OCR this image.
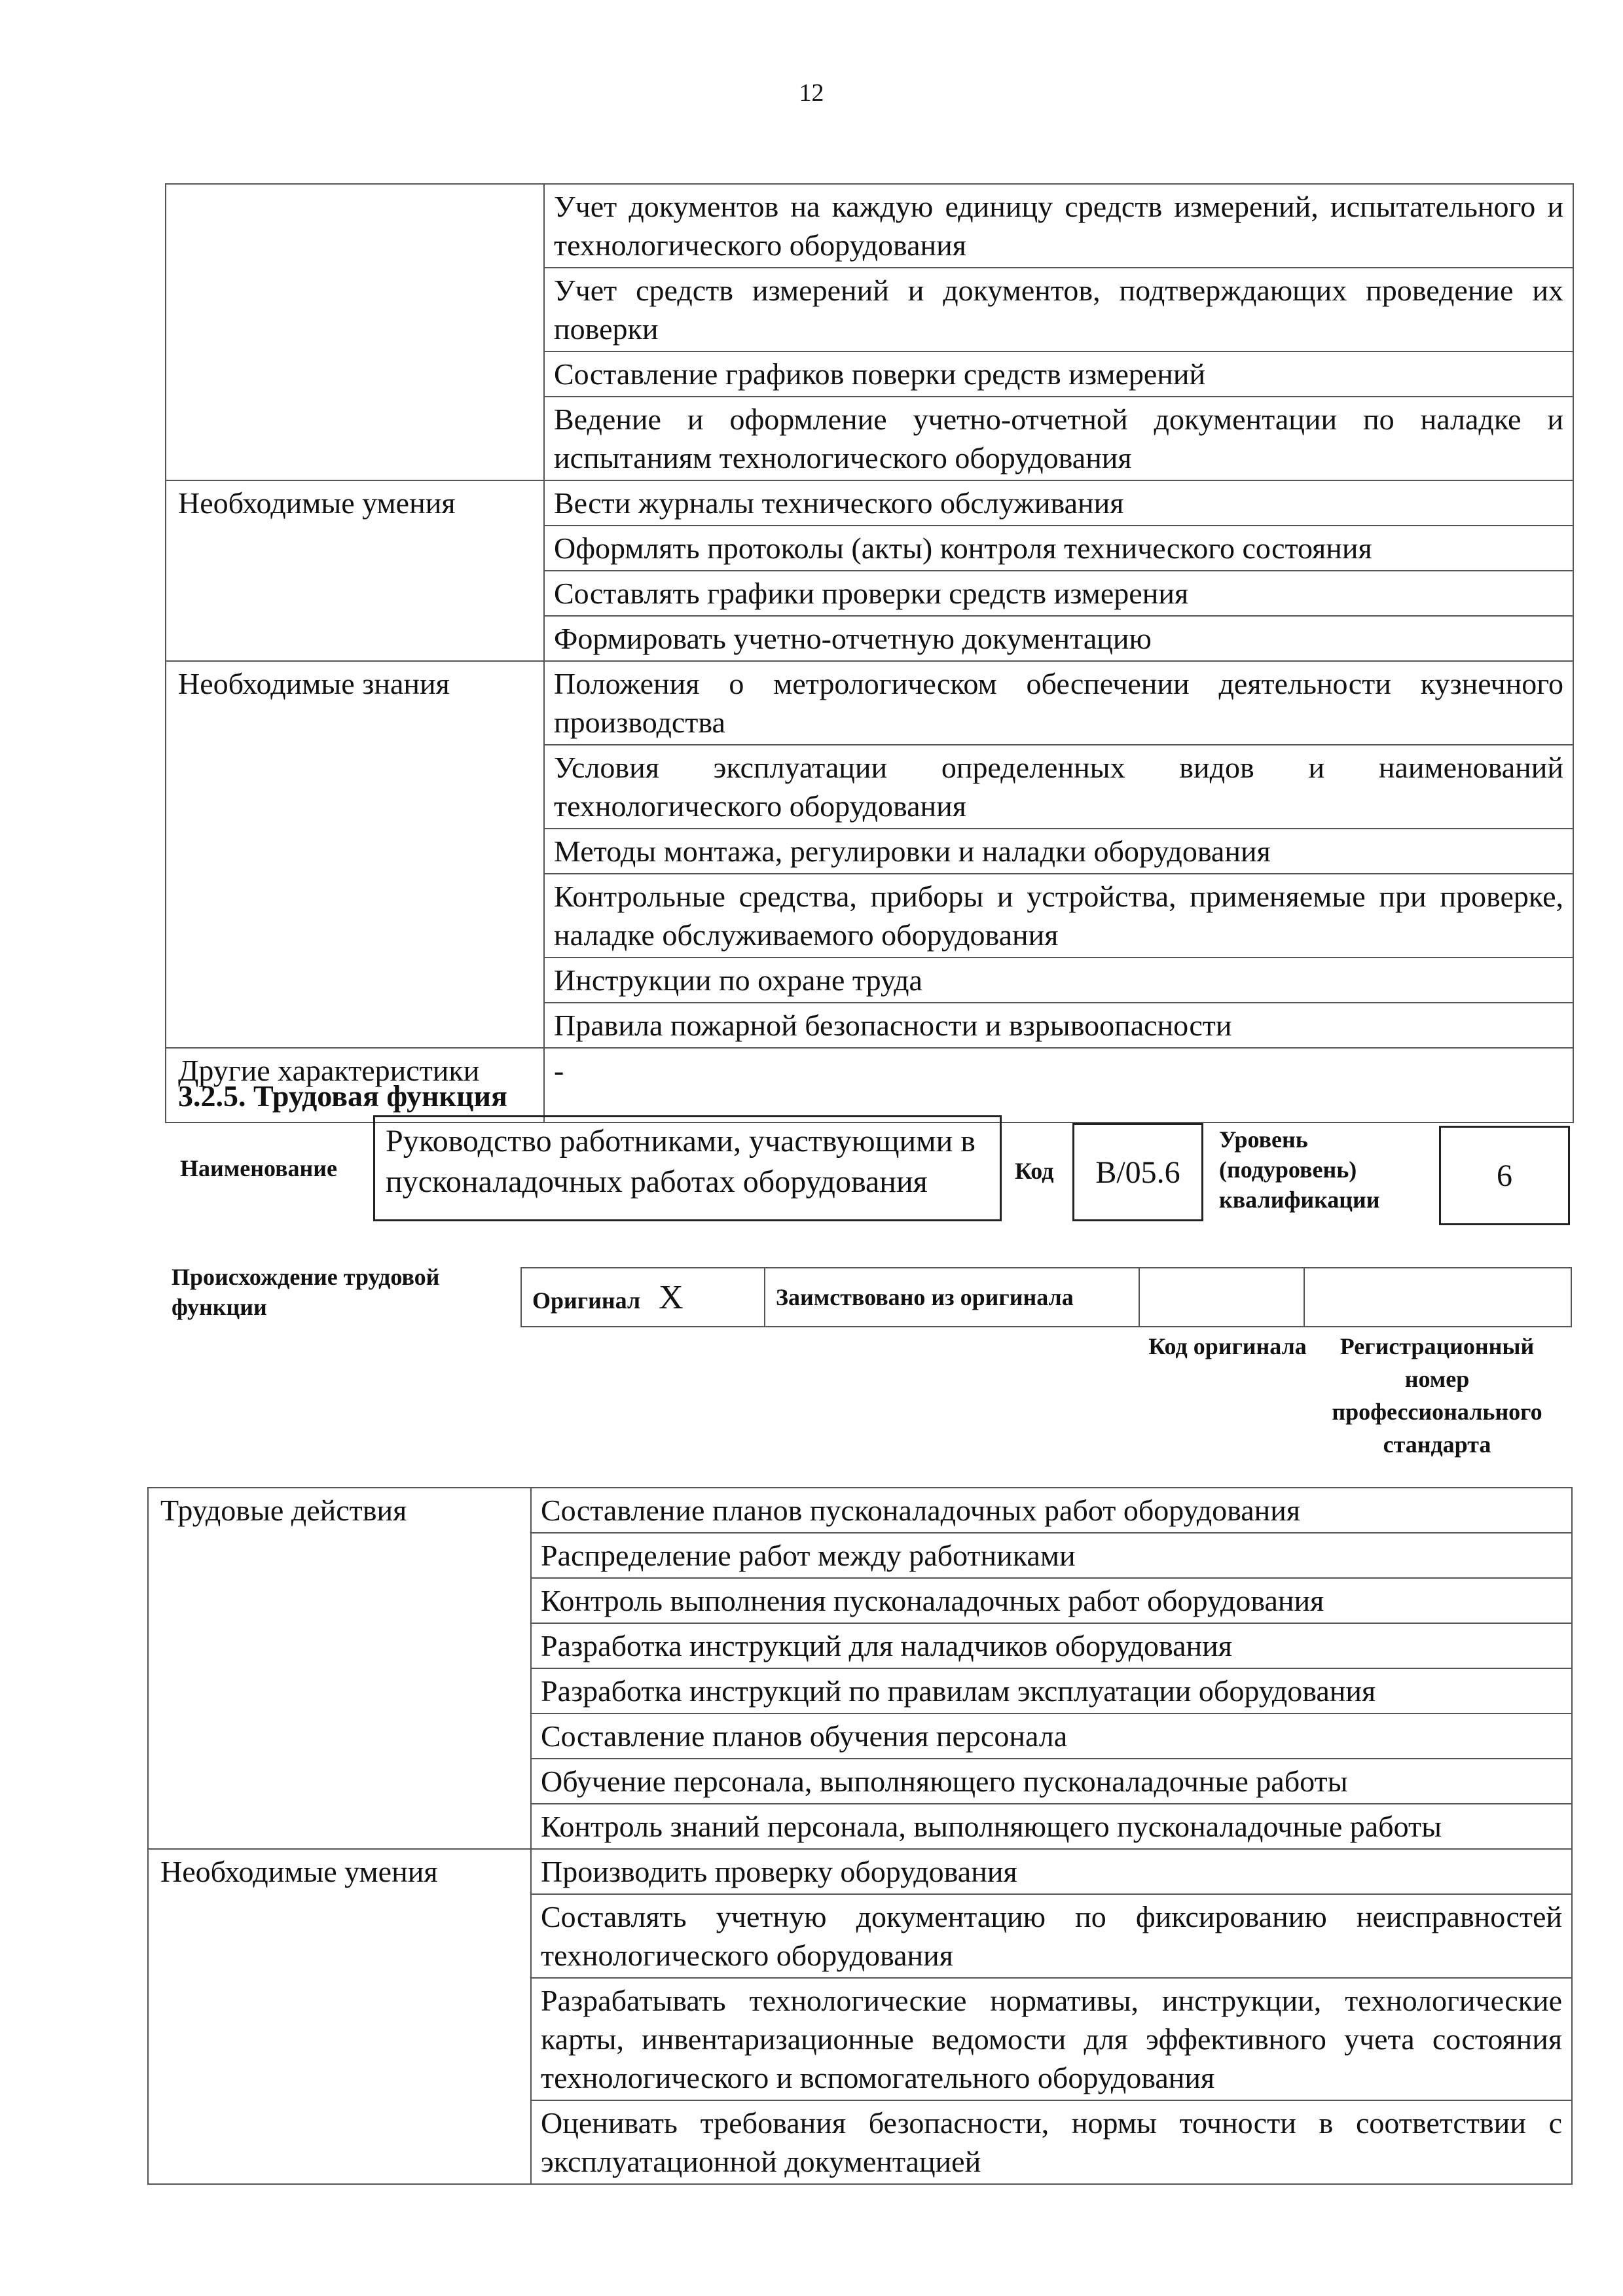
12

	Учет документов на каждую единицу средств измерений, испытательного и технологического оборудования

	Учет средств измерений и документов, подтверждающих проведение их поверки

	Составление графиков поверки средств измерений

	Ведение и оформление учетно-отчетной документации по наладке и испытаниям технологического оборудования

Необходимые умения	Вести журналы технического обслуживания

	Оформлять протоколы (акты) контроля технического состояния

	Составлять графики проверки средств измерения

	Формировать учетно-отчетную документацию

Необходимые знания	Положения о метрологическом обеспечении деятельности кузнечного производства

	Условия эксплуатации определенных видов и наименований технологического оборудования

	Методы монтажа, регулировки и наладки оборудования

	Контрольные средства, приборы и устройства, применяемые при проверке, наладке обслуживаемого оборудования

	Инструкции по охране труда

	Правила пожарной безопасности и взрывоопасности

Другие характеристики	-
3.2.5. Трудовая функция
Наименование
Руководство работниками, участвующими в пусконаладочных работах оборудования	Код	B/05.6
Уровень (подуровень) квалификации
6
Происхождение трудовой функции	Оригинал X	Заимствовано из оригинала		
Код оригинала	Регистрационный номер профессионального стандарта
Трудовые действия	Составление планов пусконаладочных работ оборудования

	Распределение работ между работниками

	Контроль выполнения пусконаладочных работ оборудования

	Разработка инструкций для наладчиков оборудования

	Разработка инструкций по правилам эксплуатации оборудования

	Составление планов обучения персонала

	Обучение персонала, выполняющего пусконаладочные работы

	Контроль знаний персонала, выполняющего пусконаладочные работы

Необходимые умения	Производить проверку оборудования

	Составлять учетную документацию по фиксированию неисправностей технологического оборудования

	Разрабатывать технологические нормативы, инструкции, технологические карты, инвентаризационные ведомости для эффективного учета состояния технологического и вспомогательного оборудования

	Оценивать требования безопасности, нормы точности в соответствии с эксплуатационной документацией
